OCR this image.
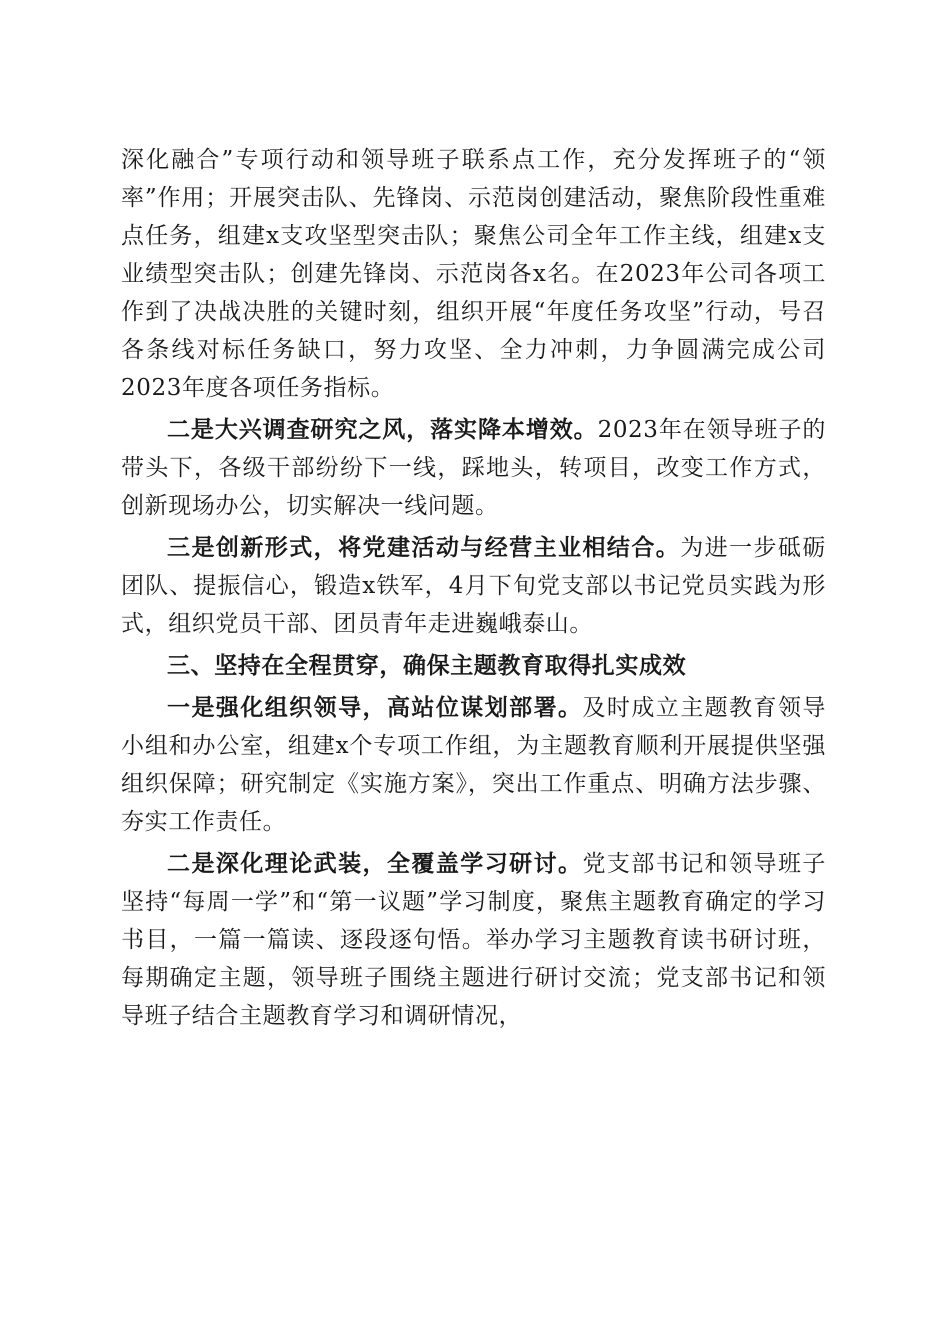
深化融合”专项行动和领导班子联系点工作，充分发挥班子的“领率”作用；开展突击队、先锋岗、示范岗创建活动，聚焦阶段性重难点任务，组建x支攻坚型突击队；聚焦公司全年工作主线，组建x支业绩型突击队；创建先锋岗、示范岗各x名。在2023年公司各项工作到了决战决胜的关键时刻，组织开展“年度任务攻坚”行动，号召各条线对标任务缺口，努力攻坚、全力冲刺，力争圆满完成公司2023年度各项任务指标。

二是大兴调查研究之风，落实降本增效。2023年在领导班子的带头下，各级干部纷纷下一线，踩地头，转项目，改变工作方式，创新现场办公，切实解决一线问题。

三是创新形式，将党建活动与经营主业相结合。为进一步砥砺团队、提振信心，锻造x铁军，4月下旬党支部以书记党员实践为形式，组织党员干部、团员青年走进巍峨泰山。

三、坚持在全程贯穿，确保主题教育取得扎实成效

一是强化组织领导，高站位谋划部署。及时成立主题教育领导小组和办公室，组建x个专项工作组，为主题教育顺利开展提供坚强组织保障；研究制定《实施方案》，突出工作重点、明确方法步骤、夯实工作责任。

二是深化理论武装，全覆盖学习研讨。党支部书记和领导班子坚持“每周一学”和“第一议题”学习制度，聚焦主题教育确定的学习书目，一篇一篇读、逐段逐句悟。举办学习主题教育读书研讨班，每期确定主题，领导班子围绕主题进行研讨交流；党支部书记和领导班子结合主题教育学习和调研情况，
